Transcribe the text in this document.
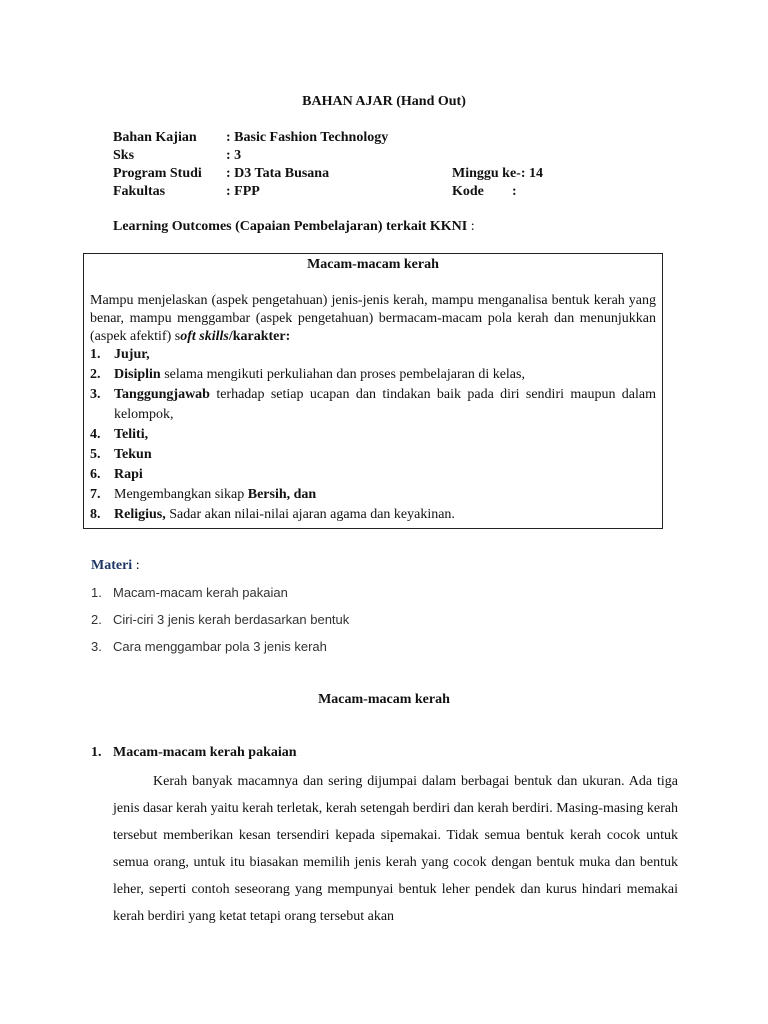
BAHAN AJAR (Hand Out)
Bahan Kajian : Basic Fashion Technology
Sks	: 3
Program Studi : D3 Tata Busana	Minggu ke-: 14
Fakultas	: FPP	Kode :
Learning Outcomes (Capaian Pembelajaran) terkait KKNI :
Macam-macam kerah
Mampu menjelaskan (aspek pengetahuan) jenis-jenis kerah, mampu menganalisa bentuk kerah yang benar, mampu menggambar (aspek pengetahuan) bermacam-macam pola kerah dan menunjukkan (aspek afektif) soft skills/karakter:
1. Jujur,
2. Disiplin selama mengikuti perkuliahan dan proses pembelajaran di kelas,
3. Tanggungjawab terhadap setiap ucapan dan tindakan baik pada diri sendiri maupun dalam kelompok,
4. Teliti,
5. Tekun
6. Rapi
7. Mengembangkan sikap Bersih, dan
8. Religius, Sadar akan nilai-nilai ajaran agama dan keyakinan.
Materi :
1. Macam-macam kerah pakaian
2. Ciri-ciri 3 jenis kerah berdasarkan bentuk
3. Cara menggambar pola 3 jenis kerah
Macam-macam kerah
1. Macam-macam kerah pakaian
Kerah banyak macamnya dan sering dijumpai dalam berbagai bentuk dan ukuran. Ada tiga jenis dasar kerah yaitu kerah terletak, kerah setengah berdiri dan kerah berdiri. Masing-masing kerah tersebut memberikan kesan tersendiri kepada sipemakai. Tidak semua bentuk kerah cocok untuk semua orang, untuk itu biasakan memilih jenis kerah yang cocok dengan bentuk muka dan bentuk leher, seperti contoh seseorang yang mempunyai bentuk leher pendek dan kurus hindari memakai kerah berdiri yang ketat tetapi orang tersebut akan
